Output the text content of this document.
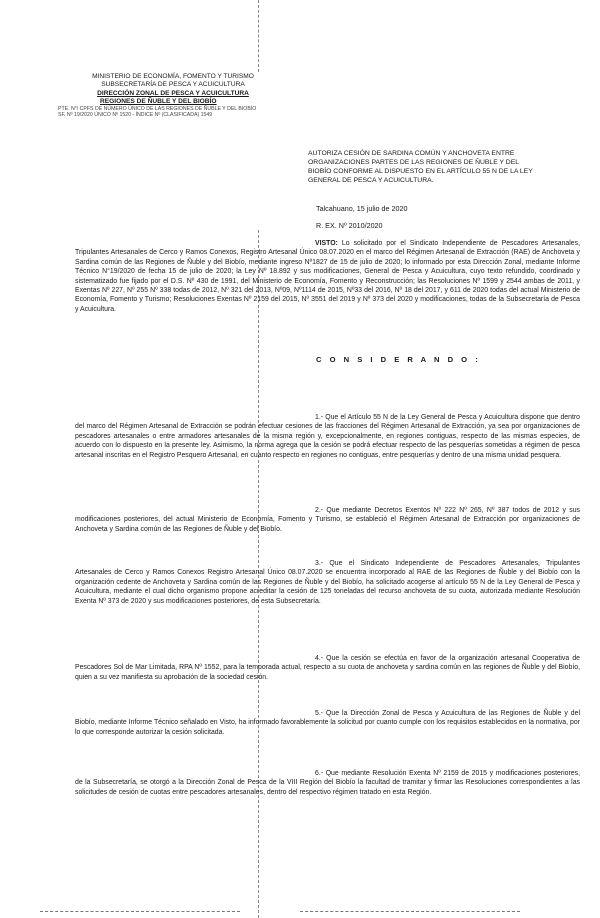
MINISTERIO DE ECONOMÍA, FOMENTO Y TURISMO
SUBSECRETARÍA DE PESCA Y ACUICULTURA
DIRECCIÓN ZONAL DE PESCA Y ACUICULTURA
REGIONES DE ÑUBLE Y DEL BIOBÍO
PTE. N°/ CPFS DE NÚMERO ÚNICO DE LAS REGIONES DE ÑUBLE Y DEL BIOBÍO
SF. Nº 19/2020 ÚNICO Nº 1520 - ÍNDICE Nº (CLASIFICADA) 1549
AUTORIZA CESIÓN DE SARDINA COMÚN Y ANCHOVETA ENTRE ORGANIZACIONES PARTES DE LAS REGIONES DE ÑUBLE Y DEL BIOBÍO CONFORME AL DISPUESTO EN EL ARTÍCULO 55 N DE LA LEY GENERAL DE PESCA Y ACUICULTURA.
Talcahuano, 15 julio de 2020
R. EX. Nº 2010/2020
VISTO: Lo solicitado por el Sindicato Independiente de Pescadores Artesanales, Tripulantes Artesanales de Cerco y Ramos Conexos, Registro Artesanal Único 08.07.2020 en el marco del Régimen Artesanal de Extracción (RAE) de Anchoveta y Sardina común de las Regiones de Ñuble y del Biobío, mediante ingreso Nº1827 de 15 de julio de 2020; lo informado por esta Dirección Zonal, mediante Informe Técnico N°19/2020 de fecha 15 de julio de 2020; la Ley Nº 18.892 y sus modificaciones, General de Pesca y Acuicultura, cuyo texto refundido, coordinado y sistematizado fue fijado por el D.S. Nº 430 de 1991, del Ministerio de Economía, Fomento y Reconstrucción; las Resoluciones Nº 1599 y 2544 ambas de 2011, y Exentas Nº 227, Nº 255 Nº 338 todas de 2012, Nº 321 del 2013, Nº09, Nº1114 de 2015, Nº33 del 2016, Nº 18 del 2017, y 611 de 2020 todas del actual Ministerio de Economía, Fomento y Turismo; Resoluciones Exentas Nº 2159 del 2015, Nº 3551 del 2019 y Nº 373 del 2020 y modificaciones, todas de la Subsecretaría de Pesca y Acuicultura.
C O N S I D E R A N D O :
1.- Que el Artículo 55 N de la Ley General de Pesca y Acuicultura dispone que dentro del marco del Régimen Artesanal de Extracción se podrán efectuar cesiones de las fracciones del Régimen Artesanal de Extracción, ya sea por organizaciones de pescadores artesanales o entre armadores artesanales de la misma región y, excepcionalmente, en regiones contiguas, respecto de las mismas especies, de acuerdo con lo dispuesto en la presente ley. Asimismo, la norma agrega que la cesión se podrá efectuar respecto de las pesquerías sometidas a régimen de pesca artesanal inscritas en el Registro Pesquero Artesanal, en cuanto respecto en regiones no contiguas, entre pesquerías y dentro de una misma unidad pesquera.
2.- Que mediante Decretos Exentos Nº 222 Nº 265, Nº 387 todos de 2012 y sus modificaciones posteriores, del actual Ministerio de Economía, Fomento y Turismo, se estableció el Régimen Artesanal de Extracción por organizaciones de Anchoveta y Sardina común de las Regiones de Ñuble y del Biobío.
3.- Que el Sindicato Independiente de Pescadores Artesanales, Tripulantes Artesanales de Cerco y Ramos Conexos Registro Artesanal Único 08.07.2020 se encuentra incorporado al RAE de las Regiones de Ñuble y del Biobío con la organización cedente de Anchoveta y Sardina común de las Regiones de Ñuble y del Biobío, ha solicitado acogerse al artículo 55 N de la Ley General de Pesca y Acuicultura, mediante el cual dicho organismo propone acreditar la cesión de 125 toneladas del recurso anchoveta de su cuota, autorizada mediante Resolución Exenta Nº 373 de 2020 y sus modificaciones posteriores, de esta Subsecretaría.
4.- Que la cesión se efectúa en favor de la organización artesanal Cooperativa de Pescadores Sol de Mar Limitada, RPA Nº 1552, para la temporada actual, respecto a su cuota de anchoveta y sardina común en las regiones de Ñuble y del Biobío, quien a su vez manifiesta su aprobación de la sociedad cesión.
5.- Que la Dirección Zonal de Pesca y Acuicultura de las Regiones de Ñuble y del Biobío, mediante Informe Técnico señalado en Visto, ha informado favorablemente la solicitud por cuanto cumple con los requisitos establecidos en la normativa, por lo que corresponde autorizar la cesión solicitada.
6.- Que mediante Resolución Exenta Nº 2159 de 2015 y modificaciones posteriores, de la Subsecretaría, se otorgó a la Dirección Zonal de Pesca de la VIII Región del Biobío la facultad de tramitar y firmar las Resoluciones correspondientes a las solicitudes de cesión de cuotas entre pescadores artesanales, dentro del respectivo régimen tratado en esta Región.
